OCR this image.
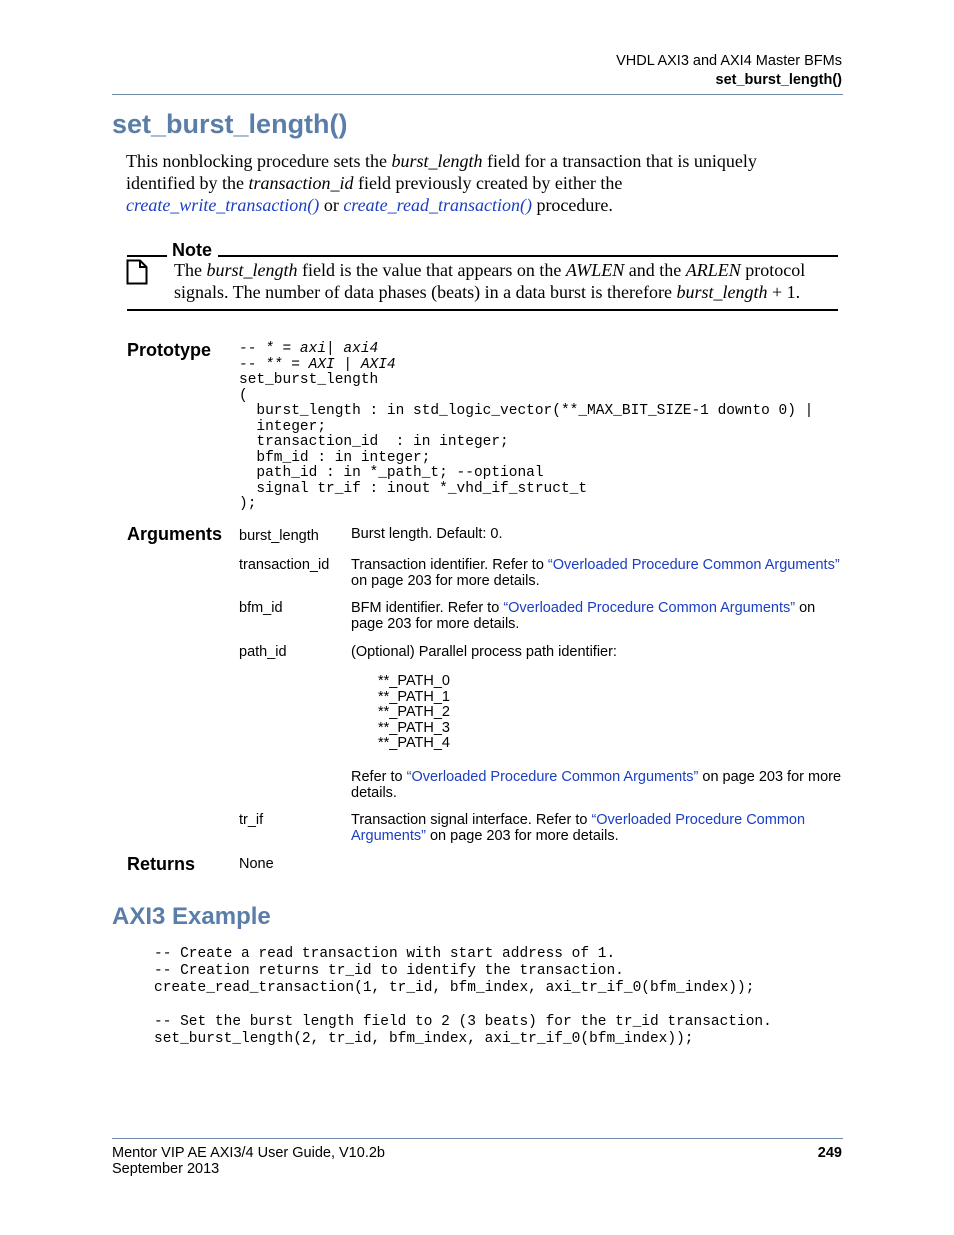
VHDL AXI3 and AXI4 Master BFMs
set_burst_length()
set_burst_length()
This nonblocking procedure sets the burst_length field for a transaction that is uniquely identified by the transaction_id field previously created by either the
create_write_transaction() or create_read_transaction() procedure.
Note
The burst_length field is the value that appears on the AWLEN and the ARLEN protocol signals. The number of data phases (beats) in a data burst is therefore burst_length + 1.
Prototype -- * = axi| axi4
-- ** = AXI | AXI4
set_burst_length
(
burst_length : in std_logic_vector(**_MAX_BIT_SIZE-1 downto 0) |
integer;
transaction_id  : in integer;
bfm_id : in integer;
path_id : in *_path_t; --optional
signal tr_if : inout *_vhd_if_struct_t
);
Arguments burst_length Burst length. Default: 0.
transaction_id Transaction identifier. Refer to “Overloaded Procedure Common Arguments” on page 203 for more details.
bfm_id	BFM identifier. Refer to “Overloaded Procedure Common Arguments” on page 203 for more details.
path_id	(Optional) Parallel process path identifier:
**_PATH_0
**_PATH_1
**_PATH_2
**_PATH_3
**_PATH_4
Refer to “Overloaded Procedure Common Arguments” on page 203 for more details.
tr_if	Transaction signal interface. Refer to “Overloaded Procedure Common Arguments” on page 203 for more details.
Returns	None
AXI3 Example
-- Create a read transaction with start address of 1.
-- Creation returns tr_id to identify the transaction.
create_read_transaction(1, tr_id, bfm_index, axi_tr_if_0(bfm_index));

-- Set the burst length field to 2 (3 beats) for the tr_id transaction.
set_burst_length(2, tr_id, bfm_index, axi_tr_if_0(bfm_index));
Mentor VIP AE AXI3/4 User Guide, V10.2b
September 2013
249
